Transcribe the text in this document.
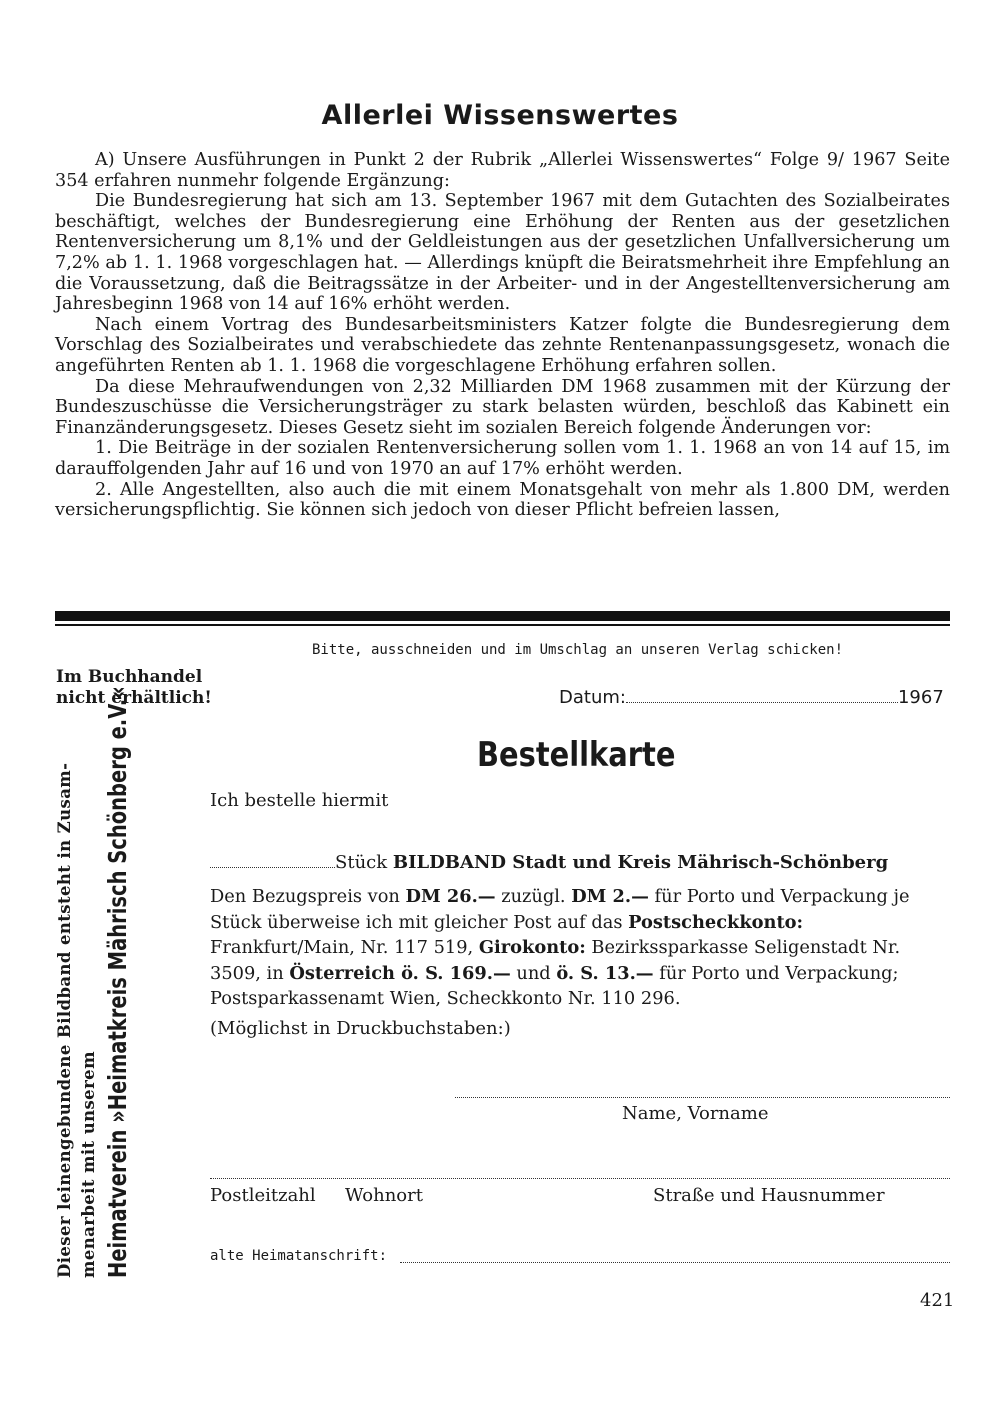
Allerlei Wissenswertes

A) Unsere Ausführungen in Punkt 2 der Rubrik „Allerlei Wissenswertes“ Folge 9/ 1967 Seite 354 erfahren nunmehr folgende Ergänzung:

Die Bundesregierung hat sich am 13. September 1967 mit dem Gutachten des Sozialbeirates beschäftigt, welches der Bundesregierung eine Erhöhung der Renten aus der gesetzlichen Rentenversicherung um 8,1% und der Geldleistungen aus der gesetzlichen Unfallversicherung um 7,2% ab 1. 1. 1968 vorgeschlagen hat. — Allerdings knüpft die Beiratsmehrheit ihre Empfehlung an die Voraussetzung, daß die Beitragssätze in der Arbeiter- und in der Angestelltenversicherung am Jahresbeginn 1968 von 14 auf 16% erhöht werden.

Nach einem Vortrag des Bundesarbeitsministers Katzer folgte die Bundesregierung dem Vorschlag des Sozialbeirates und verabschiedete das zehnte Rentenanpassungsgesetz, wonach die angeführten Renten ab 1. 1. 1968 die vorgeschlagene Erhöhung erfahren sollen.

Da diese Mehraufwendungen von 2,32 Milliarden DM 1968 zusammen mit der Kürzung der Bundeszuschüsse die Versicherungsträger zu stark belasten würden, beschloß das Kabinett ein Finanzänderungsgesetz. Dieses Gesetz sieht im sozialen Bereich folgende Änderungen vor:

1. Die Beiträge in der sozialen Rentenversicherung sollen vom 1. 1. 1968 an von 14 auf 15, im darauffolgenden Jahr auf 16 und von 1970 an auf 17% erhöht werden.

2. Alle Angestellten, also auch die mit einem Monatsgehalt von mehr als 1.800 DM, werden versicherungspflichtig. Sie können sich jedoch von dieser Pflicht befreien lassen,

Bitte, ausschneiden und im Umschlag an unseren Verlag schicken!
Im Buchhandel
nicht erhältlich!	Datum:	1967
Bestellkarte
Ich bestelle hiermit
Stück BILDBAND Stadt und Kreis Mährisch-Schönberg
Den Bezugspreis von DM 26.— zuzügl. DM 2.— für Porto und Verpackung je Stück überweise ich mit gleicher Post auf das Postscheckkonto: Frankfurt/Main, Nr. 117 519, Girokonto: Bezirkssparkasse Seligenstadt Nr. 3509, in Österreich ö. S. 169.— und ö. S. 13.— für Porto und Verpackung; Postsparkassenamt Wien, Scheckkonto Nr. 110 296.
(Möglichst in Druckbuchstaben:)
Name, Vorname
Postleitzahl Wohnort	Straße und Hausnummer
alte Heimatanschrift:
421
Dieser leinengebundene Bildband entsteht in Zusam- menarbeit mit unserem Heimatverein »Heimatkreis Mährisch Schönberg e.V.«
